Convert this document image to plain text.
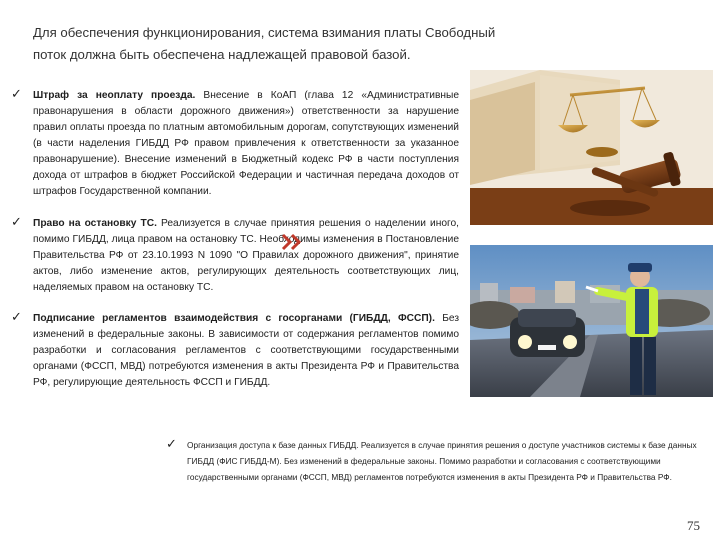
Для обеспечения функционирования, система взимания платы Свободный
поток должна быть обеспечена надлежащей правовой базой.
✓ Штраф за неоплату проезда. Внесение в КоАП (глава 12 «Административные правонарушения в области дорожного движения») ответственности за нарушение правил оплаты проезда по платным автомобильным дорогам, сопутствующих изменений (в части наделения ГИБДД РФ правом привлечения к ответственности за указанное правонарушение). Внесение изменений в Бюджетный кодекс РФ в части поступления дохода от штрафов в бюджет Российской Федерации и частичная передача доходов от штрафов Государственной компании.
✓ Право на остановку ТС. Реализуется в случае принятия решения о наделении иного, помимо ГИБДД, лица правом на остановку ТС. Необходимы изменения в Постановление Правительства РФ от 23.10.1993 N 1090 "О Правилах дорожного движения", принятие актов, либо изменение актов, регулирующих деятельность соответствующих лиц, наделяемых правом на остановку ТС.
✓ Подписание регламентов взаимодействия с госорганами (ГИБДД, ФССП). Без изменений в федеральные законы. В зависимости от содержания регламентов помимо разработки и согласования регламентов с соответствующими государственными органами (ФССП, МВД) потребуются изменения в акты Президента РФ и Правительства РФ, регулирующие деятельность ФССП и ГИБДД.
✓ Организация доступа к базе данных ГИБДД. Реализуется в случае принятия решения о доступе участников системы к базе данных ГИБДД (ФИС ГИБДД-М). Без изменений в федеральные законы. Помимо разработки и согласования с соответствующими государственными органами (ФССП, МВД) регламентов потребуются изменения в акты Президента РФ и Правительства РФ.
75
